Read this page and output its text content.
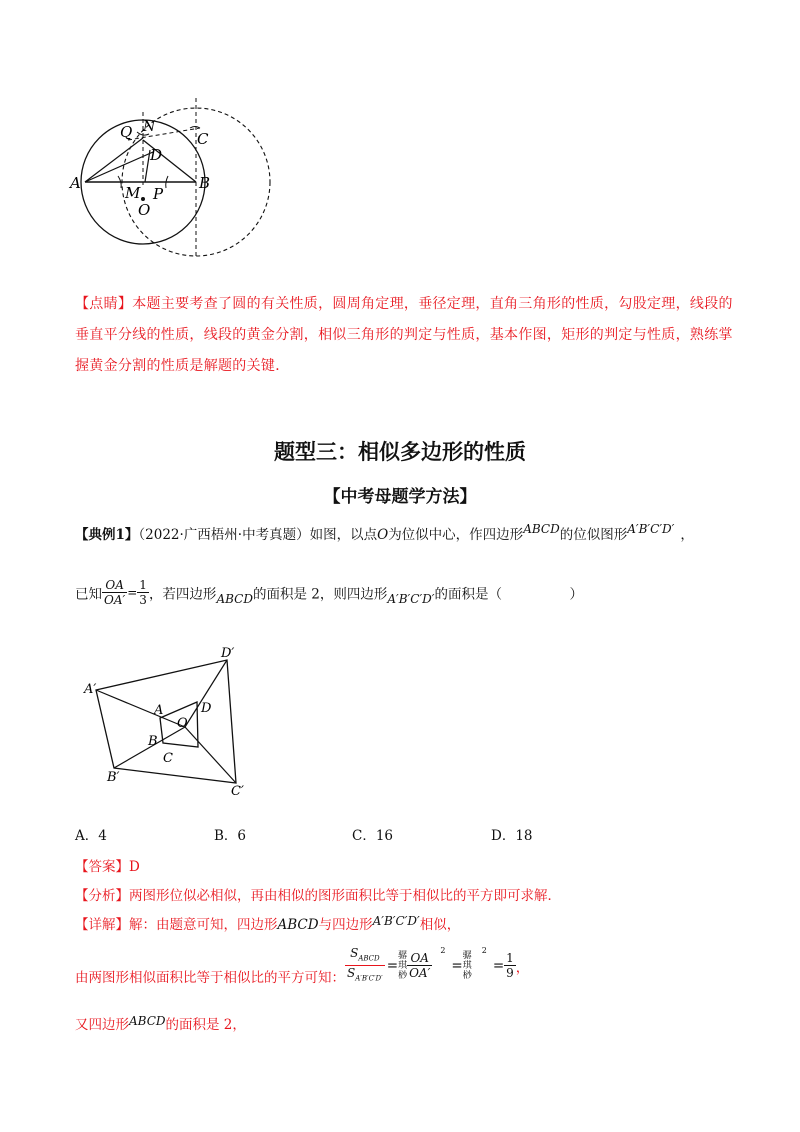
Q N
C
D
A
M P
B
O
【点睛】本题主要考查了圆的有关性质，圆周角定理，垂径定理，直角三角形的性质，勾股定理，线段的
垂直平分线的性质，线段的黄金分割，相似三角形的判定与性质，基本作图，矩形的判定与性质，熟练掌
握黄金分割的性质是解题的关键．
题型三：相似多边形的性质
【中考母题学方法】
【典例1】（2022·广西梧州·中考真题）如图，以点O为位似中心，作四边形ABCD的位似图形A′B′C′D′ ，
已知 $\frac{OA}{OA'} = \frac{1}{3}$ ，若四边形ABCD的面积是 2，则四边形A′B′C′D′的面积是（　　　　　）
A′
D′
B′
C′
A
B
C
D
O
A．4	B．6	C．16	D．18
【答案】D
【分析】两图形位似必相似，再由相似的图形面积比等于相似比的平方即可求解．
【详解】解：由题意可知，四边形ABCD与四边形A′B′C′D′相似，
由两图形相似面积比等于相似比的平方可知： $\frac{S_{ABCD}}{S_{A'B'C'D'}}$ =
骣
琪
桫 $\frac{OA}{OA'}$
$^2$=
骣
琪
桫
$^2= \frac{1}{9}$ ，
又四边形ABCD的面积是 2，
